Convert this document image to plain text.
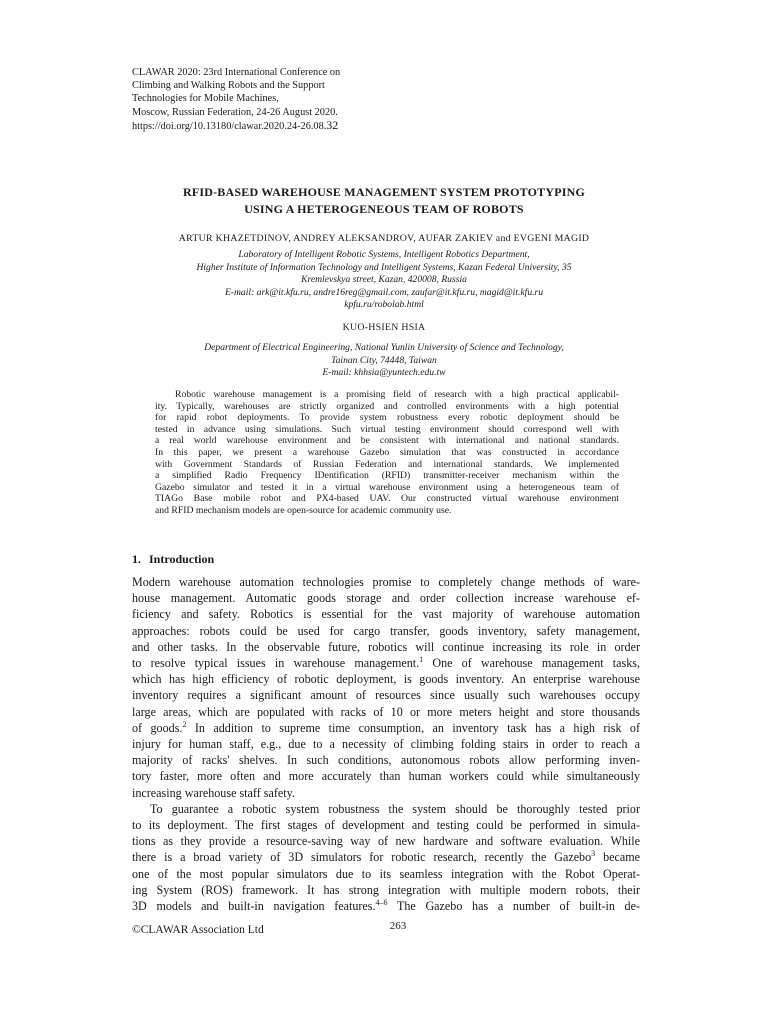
CLAWAR 2020: 23rd International Conference on
Climbing and Walking Robots and the Support
Technologies for Mobile Machines,
Moscow, Russian Federation, 24-26 August 2020.
https://doi.org/10.13180/clawar.2020.24-26.08.32
RFID-BASED WAREHOUSE MANAGEMENT SYSTEM PROTOTYPING
USING A HETEROGENEOUS TEAM OF ROBOTS
ARTUR KHAZETDINOV, ANDREY ALEKSANDROV, AUFAR ZAKIEV and EVGENI MAGID
Laboratory of Intelligent Robotic Systems, Intelligent Robotics Department,
Higher Institute of Information Technology and Intelligent Systems, Kazan Federal University, 35
Kremlevskya street, Kazan, 420008, Russia
E-mail: ark@it.kfu.ru, andre16reg@gmail.com, zaufar@it.kfu.ru, magid@it.kfu.ru
kpfu.ru/robolab.html
KUO-HSIEN HSIA
Department of Electrical Engineering, National Yunlin University of Science and Technology,
Tainan City, 74448, Taiwan
E-mail: khhsia@yuntech.edu.tw
Robotic warehouse management is a promising field of research with a high practical applicabil-
ity. Typically, warehouses are strictly organized and controlled environments with a high potential
for rapid robot deployments. To provide system robustness every robotic deployment should be
tested in advance using simulations. Such virtual testing environment should correspond well with
a real world warehouse environment and be consistent with international and national standards.
In this paper, we present a warehouse Gazebo simulation that was constructed in accordance
with Government Standards of Russian Federation and international standards. We implemented
a simplified Radio Frequency IDentification (RFID) transmitter-receiver mechanism within the
Gazebo simulator and tested it in a virtual warehouse environment using a heterogeneous team of
TIAGo Base mobile robot and PX4-based UAV. Our constructed virtual warehouse environment
and RFID mechanism models are open-source for academic community use.
1. Introduction
Modern warehouse automation technologies promise to completely change methods of ware-
house management. Automatic goods storage and order collection increase warehouse ef-
ficiency and safety. Robotics is essential for the vast majority of warehouse automation
approaches: robots could be used for cargo transfer, goods inventory, safety management,
and other tasks. In the observable future, robotics will continue increasing its role in order
to resolve typical issues in warehouse management.$^1$ One of warehouse management tasks,
which has high efficiency of robotic deployment, is goods inventory. An enterprise warehouse
inventory requires a significant amount of resources since usually such warehouses occupy
large areas, which are populated with racks of 10 or more meters height and store thousands
of goods.$^2$ In addition to supreme time consumption, an inventory task has a high risk of
injury for human staff, e.g., due to a necessity of climbing folding stairs in order to reach a
majority of racks' shelves. In such conditions, autonomous robots allow performing inven-
tory faster, more often and more accurately than human workers could while simultaneously
increasing warehouse staff safety.
To guarantee a robotic system robustness the system should be thoroughly tested prior
to its deployment. The first stages of development and testing could be performed in simula-
tions as they provide a resource-saving way of new hardware and software evaluation. While
there is a broad variety of 3D simulators for robotic research, recently the Gazebo$^3$ became
one of the most popular simulators due to its seamless integration with the Robot Operat-
ing System (ROS) framework. It has strong integration with multiple modern robots, their
3D models and built-in navigation features.$^{4-6}$ The Gazebo has a number of built-in de-
©CLAWAR Association Ltd	263
